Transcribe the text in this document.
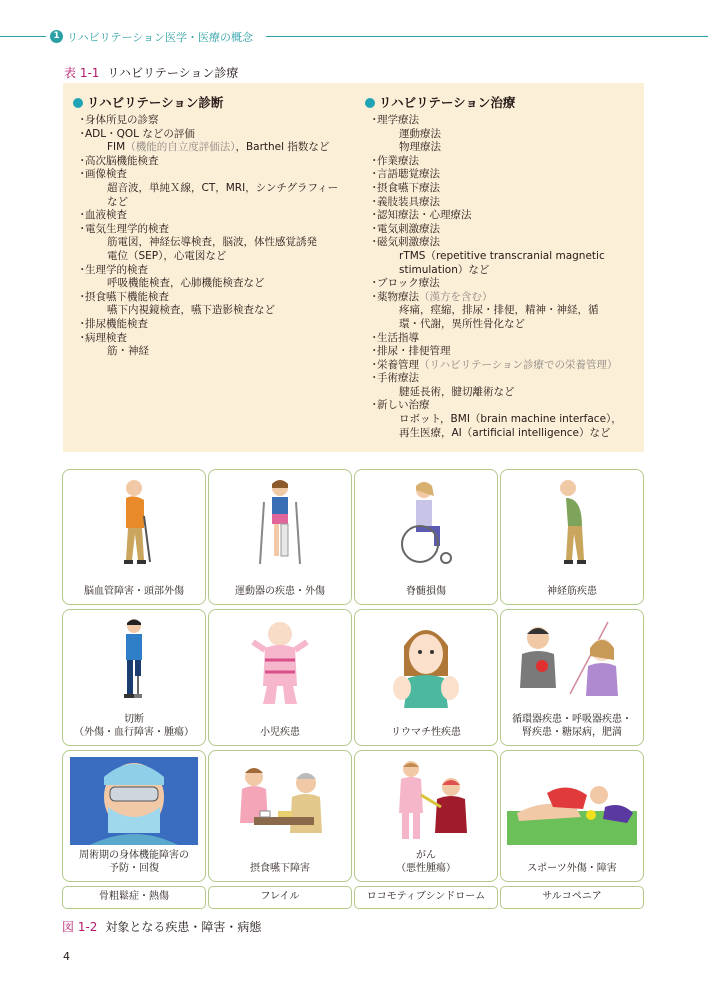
1 リハビリテーション医学・医療の概念
表 1-1 リハビリテーション診療
リハビリテーション診断
・ 身体所見の診察
・ ADL・QOL などの評価
FIM（機能的自立度評価法），Barthel 指数など
・ 高次脳機能検査
・ 画像検査
超音波，単純Ｘ線，CT，MRI，シンチグラフィー
など
・ 血液検査
・ 電気生理学的検査
筋電図，神経伝導検査，脳波，体性感覚誘発
電位（SEP），心電図など
・ 生理学的検査
呼吸機能検査，心肺機能検査など
・ 摂食嚥下機能検査
嚥下内視鏡検査，嚥下造影検査など
・ 排尿機能検査
・ 病理検査
筋・神経
リハビリテーション治療
・ 理学療法
運動療法
物理療法
・ 作業療法
・ 言語聴覚療法
・ 摂食嚥下療法
・ 義肢装具療法
・ 認知療法・心理療法
・ 電気刺激療法
・ 磁気刺激療法
rTMS（repetitive transcranial magnetic
stimulation）など
・ ブロック療法
・ 薬物療法（漢方を含む）
疼痛，痙縮，排尿・排便，精神・神経，循
環・代謝，異所性骨化など
・ 生活指導
・ 排尿・排便管理
・ 栄養管理（リハビリテーション診療での栄養管理）
・ 手術療法
腱延長術，腱切離術など
・ 新しい治療
ロボット，BMI（brain machine interface），
再生医療，AI（artificial intelligence）など
脳血管障害・頭部外傷	運動器の疾患・外傷	脊髄損傷	神経筋疾患
切断
（外傷・血行障害・腫瘍）	小児疾患	リウマチ性疾患
循環器疾患・呼吸器疾患・
腎疾患・糖尿病，肥満
周術期の身体機能障害の
予防・回復	摂食嚥下障害
がん
（悪性腫瘍）	スポーツ外傷・障害
骨粗鬆症・熱傷	フレイル	ロコモティブシンドローム	サルコペニア
図 1-2 対象となる疾患・障害・病態
4
